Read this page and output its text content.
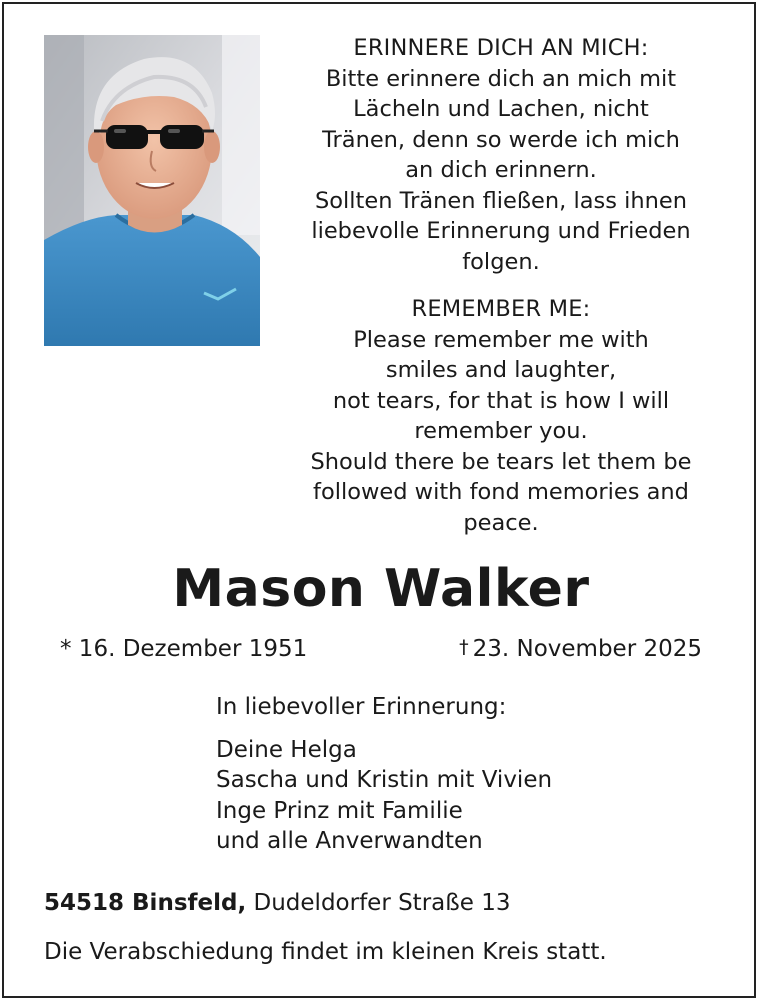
ERINNERE DICH AN MICH:
Bitte erinnere dich an mich mit
Lächeln und Lachen, nicht
Tränen, denn so werde ich mich
an dich erinnern.
Sollten Tränen fließen, lass ihnen
liebevolle Erinnerung und Frieden
folgen.
REMEMBER ME:
Please remember me with
smiles and laughter,
not tears, for that is how I will
remember you.
Should there be tears let them be
followed with fond memories and
peace.
Mason Walker
* 16. Dezember 1951	† 23. November 2025
In liebevoller Erinnerung:
Deine Helga
Sascha und Kristin mit Vivien
Inge Prinz mit Familie
und alle Anverwandten
54518 Binsfeld, Dudeldorfer Straße 13
Die Verabschiedung findet im kleinen Kreis statt.
